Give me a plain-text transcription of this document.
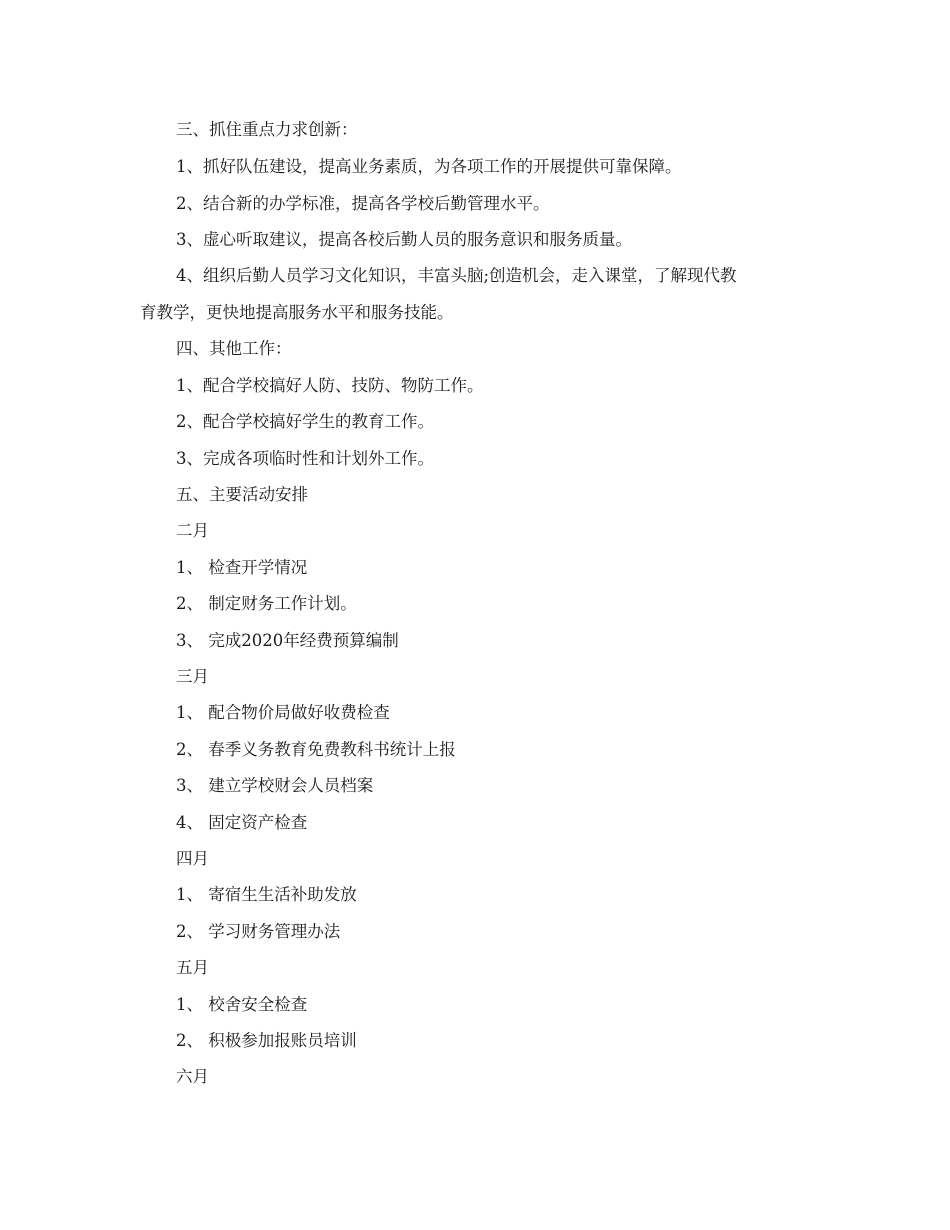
三、抓住重点力求创新：
1、抓好队伍建设，提高业务素质，为各项工作的开展提供可靠保障。
2、结合新的办学标准，提高各学校后勤管理水平。
3、虚心听取建议，提高各校后勤人员的服务意识和服务质量。
4、组织后勤人员学习文化知识，丰富头脑;创造机会，走入课堂，了解现代教
育教学，更快地提高服务水平和服务技能。
四、其他工作：
1、配合学校搞好人防、技防、物防工作。
2、配合学校搞好学生的教育工作。
3、完成各项临时性和计划外工作。
五、主要活动安排
二月
1、 检查开学情况
2、 制定财务工作计划。
3、 完成2020年经费预算编制
三月
1、 配合物价局做好收费检查
2、 春季义务教育免费教科书统计上报
3、 建立学校财会人员档案
4、 固定资产检查
四月
1、 寄宿生生活补助发放
2、 学习财务管理办法
五月
1、 校舍安全检查
2、 积极参加报账员培训
六月
